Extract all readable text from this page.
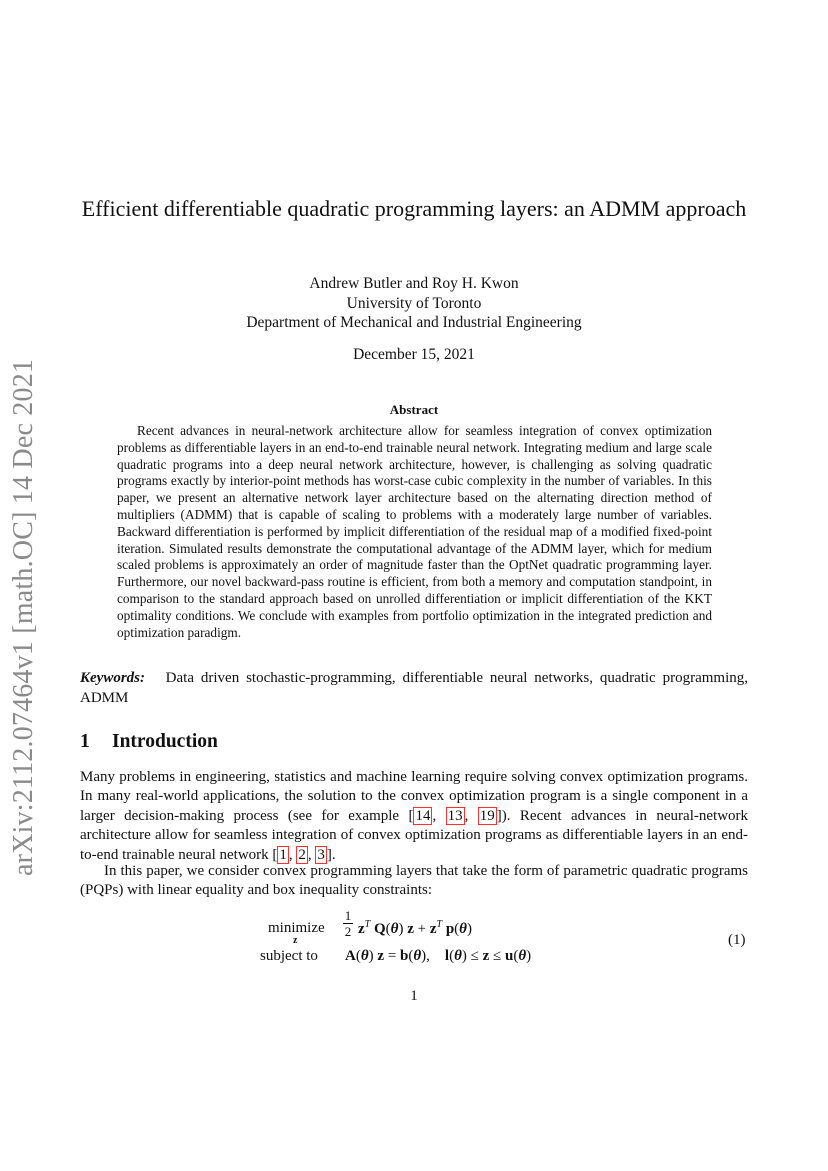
arXiv:2112.07464v1 [math.OC] 14 Dec 2021
Efficient differentiable quadratic programming layers: an ADMM approach
Andrew Butler and Roy H. Kwon
University of Toronto
Department of Mechanical and Industrial Engineering
December 15, 2021
Abstract
Recent advances in neural-network architecture allow for seamless integration of convex optimization problems as differentiable layers in an end-to-end trainable neural network. Integrating medium and large scale quadratic programs into a deep neural network architecture, however, is challenging as solving quadratic programs exactly by interior-point methods has worst-case cubic complexity in the number of variables. In this paper, we present an alternative network layer architecture based on the alternating direction method of multipliers (ADMM) that is capable of scaling to problems with a moderately large number of variables. Backward differentiation is performed by implicit differentiation of the residual map of a modified fixed-point iteration. Simulated results demonstrate the computational advantage of the ADMM layer, which for medium scaled problems is approximately an order of magnitude faster than the OptNet quadratic programming layer. Furthermore, our novel backward-pass routine is efficient, from both a memory and computation standpoint, in comparison to the standard approach based on unrolled differentiation or implicit differentiation of the KKT optimality conditions. We conclude with examples from portfolio optimization in the integrated prediction and optimization paradigm.
Keywords: Data driven stochastic-programming, differentiable neural networks, quadratic programming, ADMM
1 Introduction
Many problems in engineering, statistics and machine learning require solving convex optimization programs. In many real-world applications, the solution to the convex optimization program is a single component in a larger decision-making process (see for example [ 14 , 13 , 19 ]). Recent advances in neural-network architecture allow for seamless integration of convex optimization programs as differentiable layers in an end-to-end trainable neural network [ 1 , 2 , 3 ].
In this paper, we consider convex programming layers that take the form of parametric quadratic programs (PQPs) with linear equality and box inequality constraints:
minimize
z
1
2 $z^T$ Q(θ) $z + z^T$ p(θ)
subject to A(θ) z = b(θ),    l(θ) ≤ z ≤ u(θ)
(1)
1
